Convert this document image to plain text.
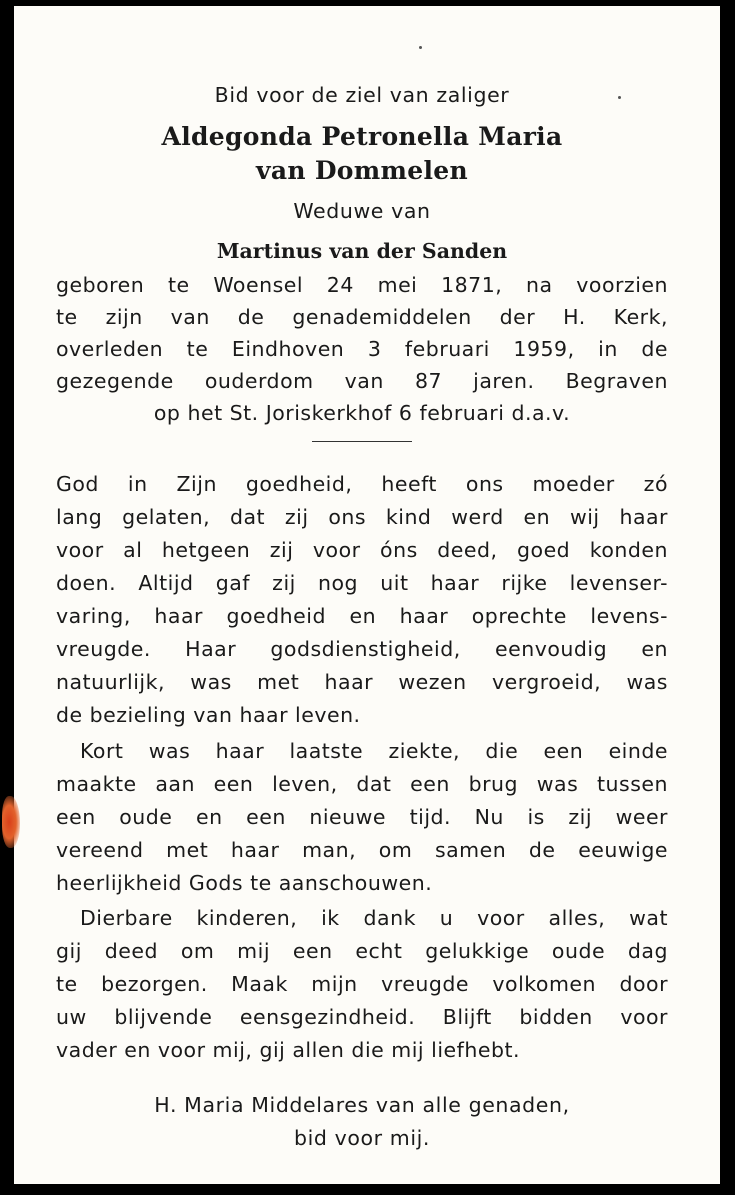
Bid voor de ziel van zaliger

Aldegonda Petronella Maria
van Dommelen

Weduwe van

Martinus van der Sanden

geboren te Woensel 24 mei 1871, na voorzien

te zijn van de genademiddelen der H. Kerk,

overleden te Eindhoven 3 februari 1959, in de

gezegende ouderdom van 87 jaren. Begraven

op het St. Joriskerkhof 6 februari d.a.v.

God in Zijn goedheid, heeft ons moeder zó

lang gelaten, dat zij ons kind werd en wij haar

voor al hetgeen zij voor óns deed, goed konden

doen. Altijd gaf zij nog uit haar rijke levenser-

varing, haar goedheid en haar oprechte levens-

vreugde. Haar godsdienstigheid, eenvoudig en

natuurlijk, was met haar wezen vergroeid, was

de bezieling van haar leven.

Kort was haar laatste ziekte, die een einde

maakte aan een leven, dat een brug was tussen

een oude en een nieuwe tijd. Nu is zij weer

vereend met haar man, om samen de eeuwige

heerlijkheid Gods te aanschouwen.

Dierbare kinderen, ik dank u voor alles, wat

gij deed om mij een echt gelukkige oude dag

te bezorgen. Maak mijn vreugde volkomen door

uw blijvende eensgezindheid. Blijft bidden voor

vader en voor mij, gij allen die mij liefhebt.

H. Maria Middelares van alle genaden,
bid voor mij.
